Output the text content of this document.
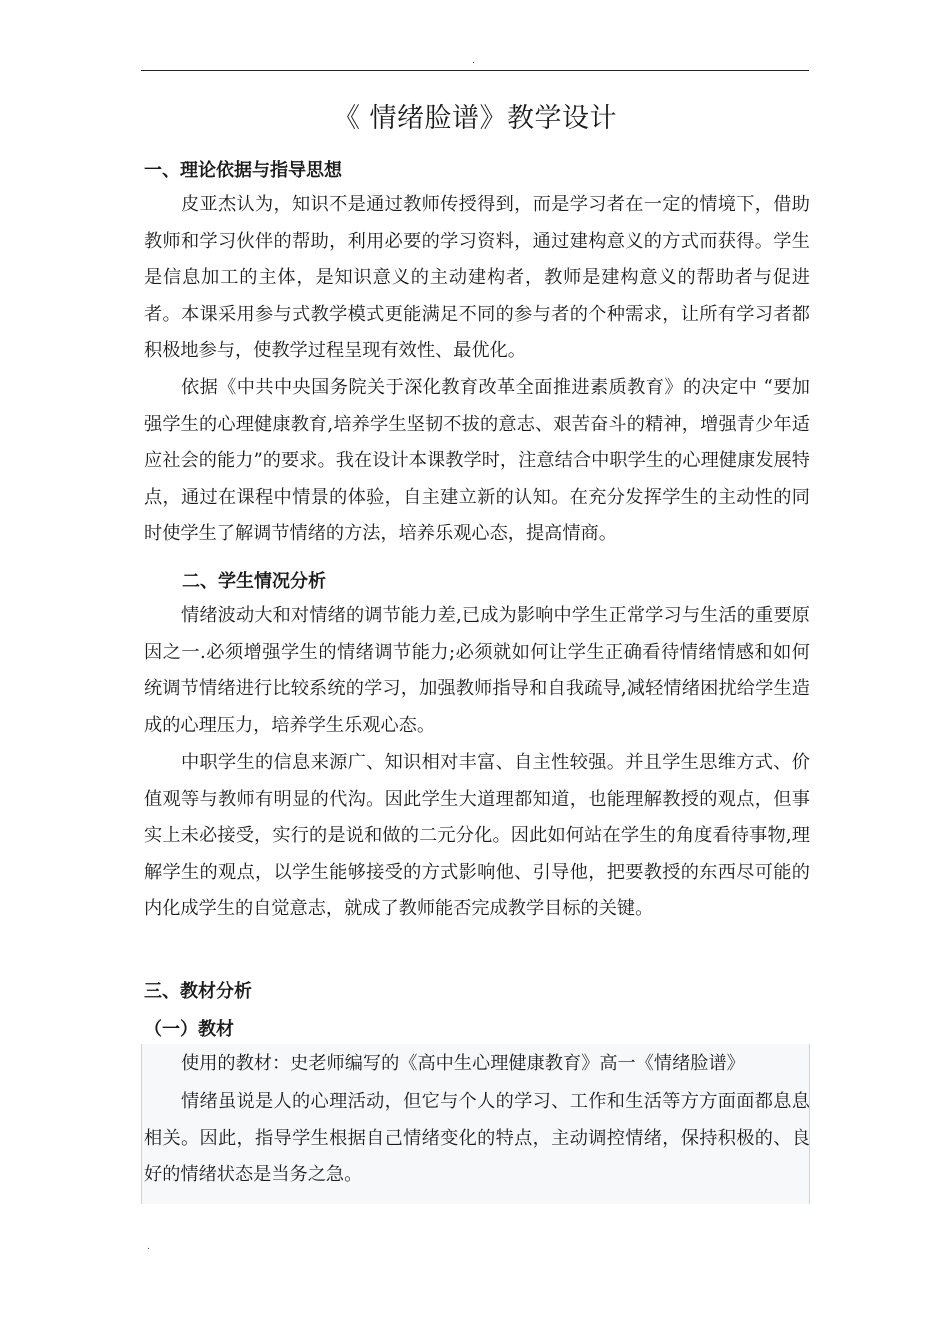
.
《 情绪脸谱》教学设计
一、理论依据与指导思想

皮亚杰认为，知识不是通过教师传授得到，而是学习者在一定的情境下，借助教师和学习伙伴的帮助，利用必要的学习资料，通过建构意义的方式而获得。学生是信息加工的主体，是知识意义的主动建构者，教师是建构意义的帮助者与促进者。本课采用参与式教学模式更能满足不同的参与者的个种需求，让所有学习者都积极地参与，使教学过程呈现有效性、最优化。

依据《中共中央国务院关于深化教育改革全面推进素质教育》的决定中 “要加强学生的心理健康教育,培养学生坚韧不拔的意志、艰苦奋斗的精神，增强青少年适应社会的能力”的要求。我在设计本课教学时，注意结合中职学生的心理健康发展特点，通过在课程中情景的体验，自主建立新的认知。在充分发挥学生的主动性的同时使学生了解调节情绪的方法，培养乐观心态，提高情商。

二、学生情况分析

情绪波动大和对情绪的调节能力差,已成为影响中学生正常学习与生活的重要原因之一.必须增强学生的情绪调节能力;必须就如何让学生正确看待情绪情感和如何统调节情绪进行比较系统的学习，加强教师指导和自我疏导,减轻情绪困扰给学生造成的心理压力，培养学生乐观心态。

中职学生的信息来源广、知识相对丰富、自主性较强。并且学生思维方式、价值观等与教师有明显的代沟。因此学生大道理都知道，也能理解教授的观点，但事实上未必接受，实行的是说和做的二元分化。因此如何站在学生的角度看待事物,理解学生的观点，以学生能够接受的方式影响他、引导他，把要教授的东西尽可能的内化成学生的自觉意志，就成了教师能否完成教学目标的关键。

三、教材分析
（一）教材

使用的教材：史老师编写的《高中生心理健康教育》高一《情绪脸谱》

情绪虽说是人的心理活动，但它与个人的学习、工作和生活等方方面面都息息相关。因此，指导学生根据自己情绪变化的特点，主动调控情绪，保持积极的、良好的情绪状态是当务之急。

.
